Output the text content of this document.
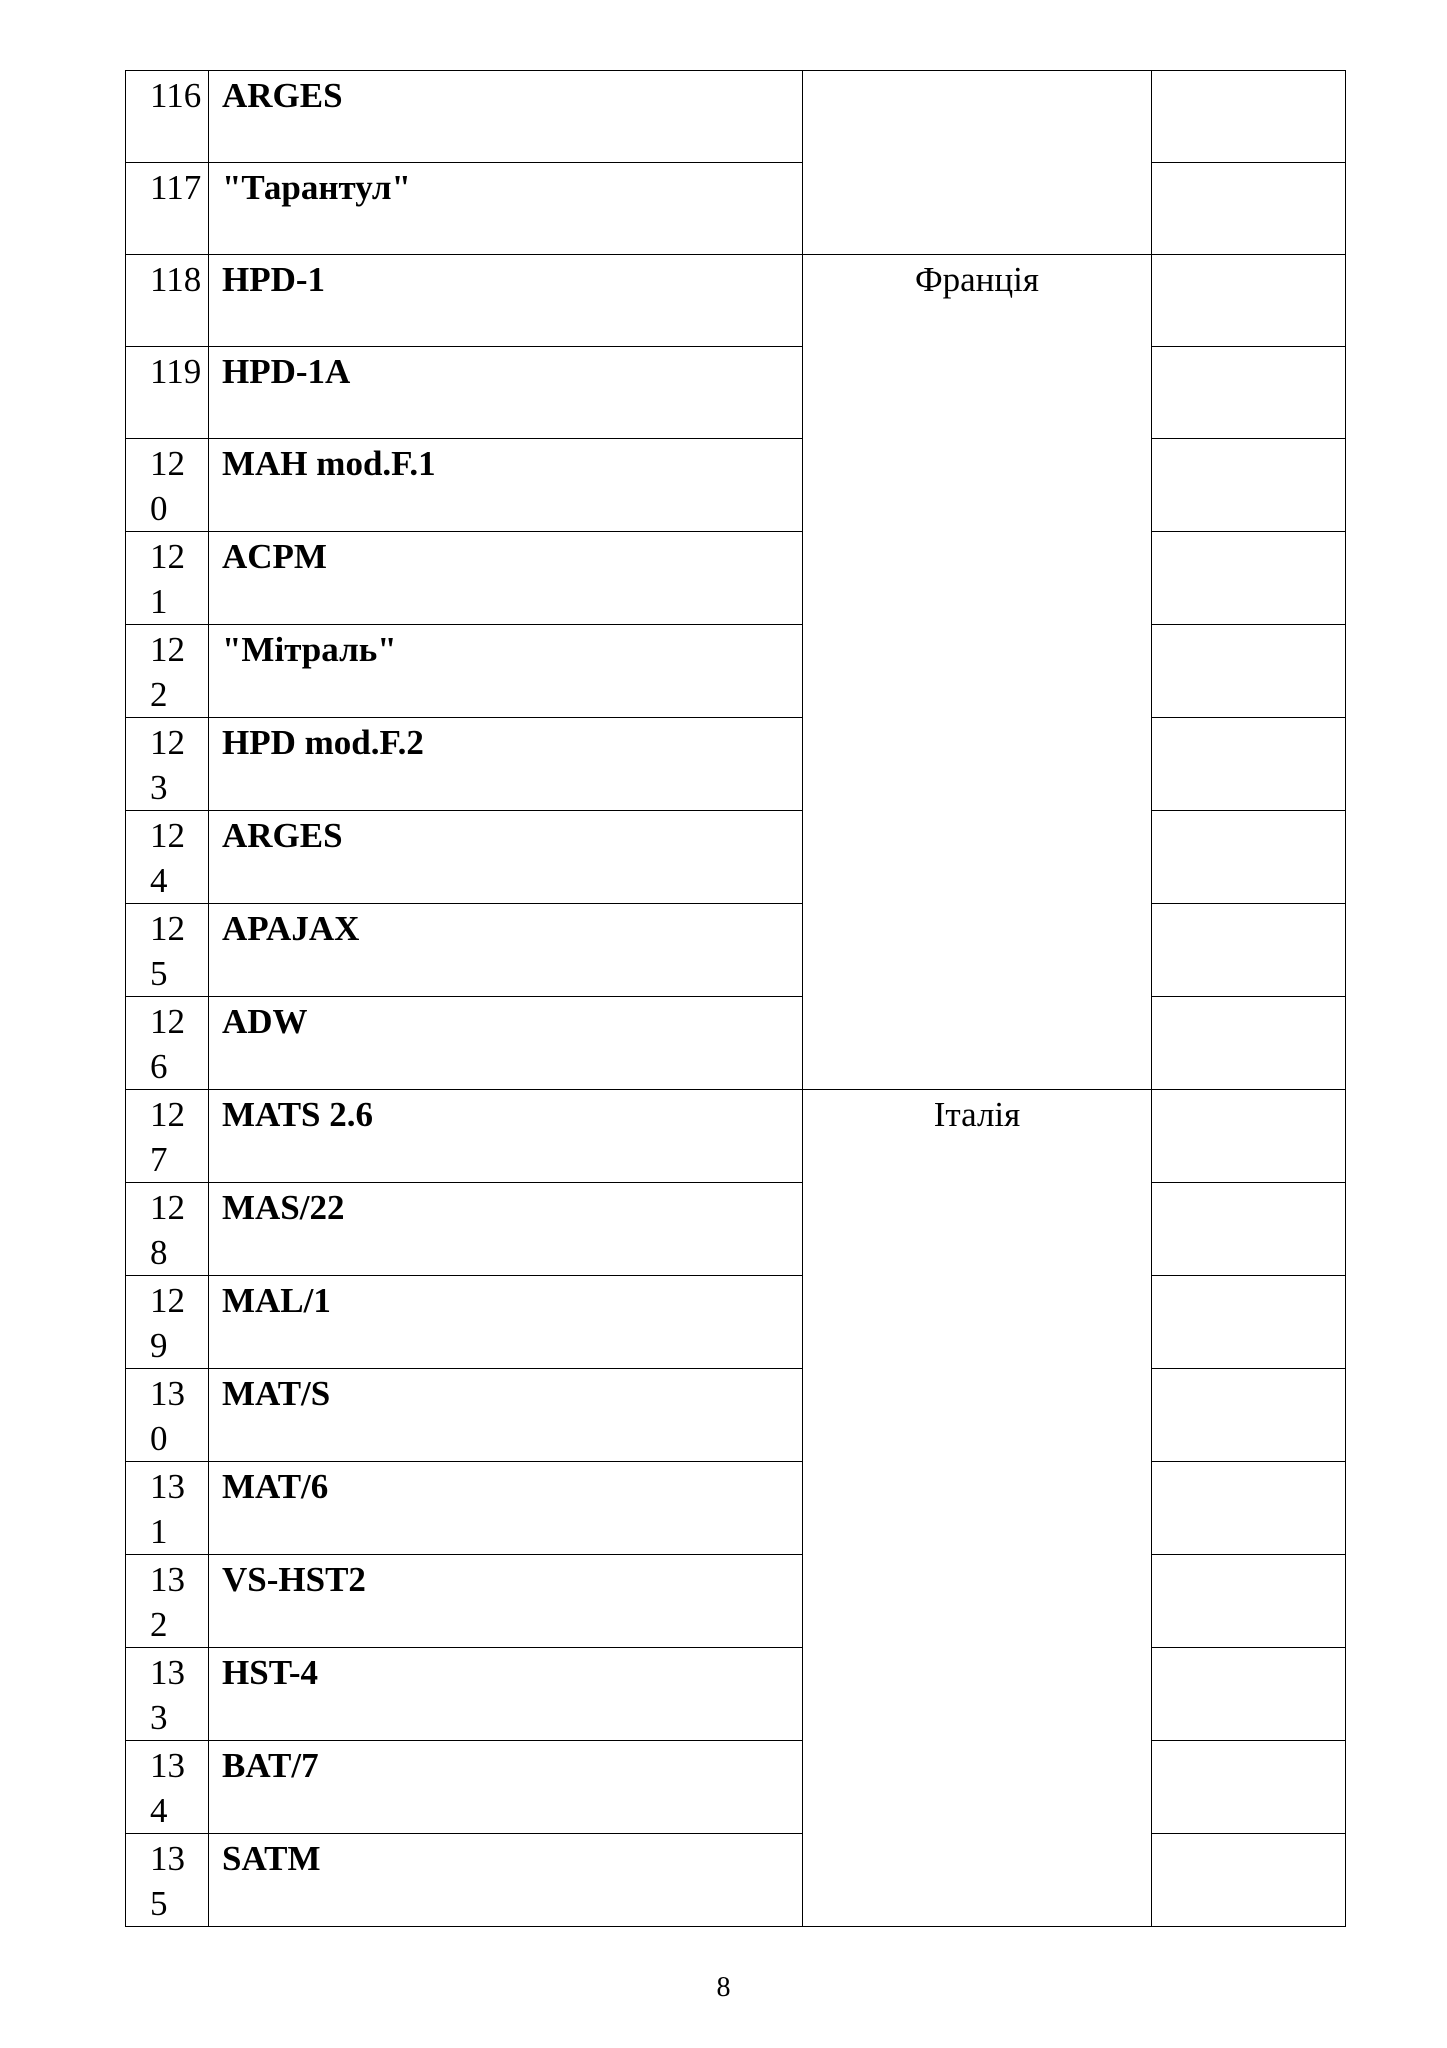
116	ARGES		

117	"Тарантул"		

118	HPD-1	Франція	

119	HPD-1A		

120	MAH mod.F.1		

121	ACPM		

122	"Мітраль"		

123	HPD mod.F.2		

124	ARGES		

125	APAJAX		

126	ADW		

127	MATS 2.6	Італія	

128	MAS/22		

129	MAL/1		

130	MAT/S		

131	MAT/6		

132	VS-HST2		

133	HST-4		

134	BAT/7		

135	SATM		

8
